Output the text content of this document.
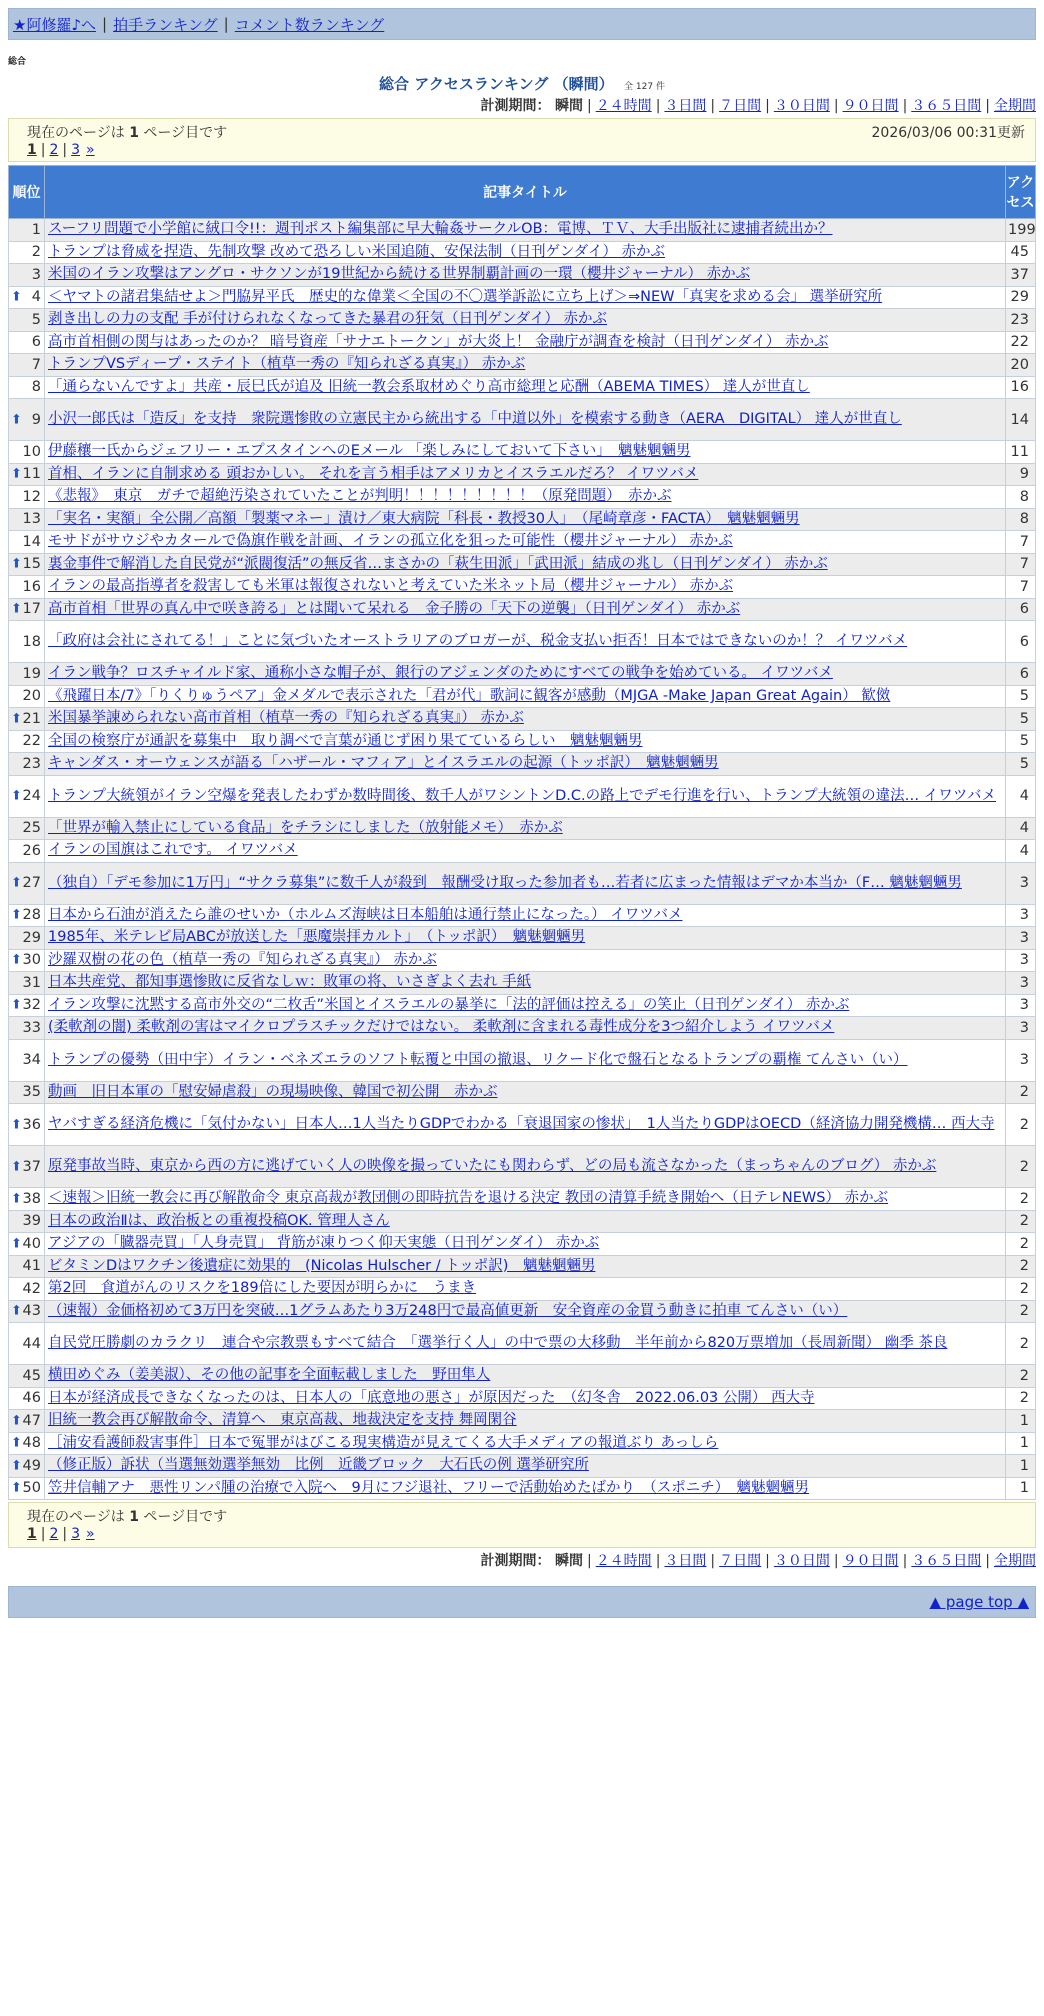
★阿修羅♪へ | 拍手ランキング | コメント数ランキング
総合
総合 アクセスランキング （瞬間） 全 127 件
計測期間： 瞬間 | ２４時間 | ３日間 | ７日間 | ３０日間 | ９０日間 | ３６５日間 | 全期間
現在のページは 1 ページ目です	2026/03/06 00:31更新
1 | 2 | 3 »
順位	記事タイトル	アクセス
1	スーフリ問題で小学館に絨口令!!：週刊ポスト編集部に早大輪姦サークルOB：電博、ＴＶ、大手出版社に逮捕者続出か？	199
2	トランプは脅威を捏造、先制攻撃 改めて恐ろしい米国追随、安保法制（日刊ゲンダイ） 赤かぶ	45
3	米国のイラン攻撃はアングロ・サクソンが19世紀から続ける世界制覇計画の一環（櫻井ジャーナル） 赤かぶ	37

⬆ 4	＜ヤマトの諸君集結せよ＞門脇昇平氏　歴史的な偉業＜全国の不〇選挙訴訟に立ち上げ＞⇒NEW「真実を求める会」 選挙研究所	29
5	剥き出しの力の支配 手が付けられなくなってきた暴君の狂気（日刊ゲンダイ） 赤かぶ	23
6	高市首相側の関与はあったのか？ 暗号資産「サナエトークン」が大炎上！ 金融庁が調査を検討（日刊ゲンダイ） 赤かぶ	22
7	トランプVSディープ・ステイト（植草一秀の『知られざる真実』） 赤かぶ	20
8	「通らないんですよ」共産・辰巳氏が追及 旧統一教会系取材めぐり高市総理と応酬（ABEMA TIMES） 達人が世直し	16

⬆ 9	小沢一郎氏は「造反」を支持　衆院選惨敗の立憲民主から統出する「中道以外」を模索する動き（AERA　DIGITAL） 達人が世直し	14
10	伊藤穰一氏からジェフリー・エプスタインへのEメール 「楽しみにしておいて下さい」　魑魅魍魎男	11

⬆ 11	首相、イランに自制求める 頭おかしい。 それを言う相手はアメリカとイスラエルだろ？ イワツバメ	9
12	《悲報》　東京　ガチで超絶汚染されていたことが判明！！！！！！！！！（原発問題）　赤かぶ	8
13	「実名・実額」全公開／高額「製薬マネー」漬け／東大病院「科長・教授30人」　（尾崎章彦・FACTA）　魑魅魍魎男	8
14	モサドがサウジやカタールで偽旗作戦を計画、イランの孤立化を狙った可能性（櫻井ジャーナル） 赤かぶ	7

⬆ 15	裏金事件で解消した自民党が“派閥復活”の無反省…まさかの「萩生田派」「武田派」結成の兆し（日刊ゲンダイ） 赤かぶ	7
16	イランの最高指導者を殺害しても米軍は報復されないと考えていた米ネット局（櫻井ジャーナル） 赤かぶ	7

⬆ 17	高市首相「世界の真ん中で咲き誇る」とは聞いて呆れる　金子勝の「天下の逆襲」（日刊ゲンダイ） 赤かぶ	6
18	「政府は会社にされてる！」ことに気づいたオーストラリアのブロガーが、税金支払い拒否！日本ではできないのか！？ イワツバメ	6
19	イラン戦争？ロスチャイルド家、通称小さな帽子が、銀行のアジェンダのためにすべての戦争を始めている。 イワツバメ	6
20	《飛躍日本/7》「りくりゅうペア」金メダルで表示された「君が代」歌詞に観客が感動（MJGA -Make Japan Great Again） 歓傚	5

⬆ 21	米国暴挙諌められない高市首相（植草一秀の『知られざる真実』） 赤かぶ	5
22	全国の検察庁が通訳を募集中　取り調べで言葉が通じず困り果てているらしい　魑魅魍魎男	5
23	キャンダス・オーウェンスが語る「ハザール・マフィア」とイスラエルの起源（トッポ訳）　魑魅魍魎男	5

⬆ 24	トランプ大統領がイラン空爆を発表したわずか数時間後、数千人がワシントンD.C.の路上でデモ行進を行い、トランプ大統領の違法… イワツバメ	4
25	「世界が輸入禁止にしている食品」をチラシにしました（放射能メモ）　赤かぶ	4
26	イランの国旗はこれです。 イワツバメ	4

⬆ 27	（独自）「デモ参加に1万円」“サクラ募集”に数千人が殺到　報酬受け取った参加者も…若者に広まった情報はデマか本当か（F… 魑魅魍魎男	3

⬆ 28	日本から石油が消えたら誰のせいか（ホルムズ海峡は日本船舶は通行禁止になった。） イワツバメ	3
29	1985年、米テレビ局ABCが放送した「悪魔崇拝カルト」　（トッポ訳）　魑魅魍魎男	3

⬆ 30	沙羅双樹の花の色（植草一秀の『知られざる真実』） 赤かぶ	3
31	日本共産党、都知事選惨敗に反省なしｗ：敗軍の将、いさぎよく去れ 手紙	3

⬆ 32	イラン攻撃に沈黙する高市外交の“二枚舌”米国とイスラエルの暴挙に「法的評価は控える」の笑止（日刊ゲンダイ） 赤かぶ	3
33	(柔軟剤の闇) 柔軟剤の害はマイクロプラスチックだけではない。 柔軟剤に含まれる毒性成分を3つ紹介しよう イワツバメ	3
34	トランプの優勢（田中宇）イラン・ベネズエラのソフト転覆と中国の撤退、リクード化で盤石となるトランプの覇権 てんさい（い）	3
35	動画　旧日本軍の「慰安婦虐殺」の現場映像、韓国で初公開　赤かぶ	2

⬆ 36	ヤバすぎる経済危機に「気付かない」日本人…1人当たりGDPでわかる「衰退国家の惨状」　1人当たりGDPはOECD（経済協力開発機構… 西大寺	2

⬆ 37	原発事故当時、東京から西の方に逃げていく人の映像を撮っていたにも関わらず、どの局も流さなかった（まっちゃんのブログ） 赤かぶ	2

⬆ 38	＜速報＞旧統一教会に再び解散命令 東京高裁が教団側の即時抗告を退ける決定 教団の清算手続き開始へ（日テレNEWS） 赤かぶ	2
39	日本の政治Ⅱは、政治板との重複投稿OK. 管理人さん	2

⬆ 40	アジアの「臓器売買」「人身売買」 背筋が凍りつく仰天実態（日刊ゲンダイ） 赤かぶ	2
41	ビタミンDはワクチン後遺症に効果的　(Nicolas Hulscher / トッポ訳)　魑魅魍魎男	2
42	第2回　食道がんのリスクを189倍にした要因が明らかに　うまき	2

⬆ 43	（速報）金価格初めて3万円を突破…1グラムあたり3万248円で最高値更新　安全資産の金買う動きに拍車 てんさい（い）	2
44	自民党圧勝劇のカラクリ　連合や宗教票もすべて結合　「選挙行く人」の中で票の大移動　半年前から820万票増加（長周新聞） 幽季 茶良	2
45	横田めぐみ（姜美淑）、その他の記事を全面転載しました　野田隼人	2
46	日本が経済成長できなくなったのは、日本人の「底意地の悪さ」が原因だった　（幻冬舎　2022.06.03 公開） 西大寺	2

⬆ 47	旧統一教会再び解散命令、清算へ　東京高裁、地裁決定を支持 舞岡閑谷	1

⬆ 48	［浦安看護師殺害事件］日本で冤罪がはびこる現実構造が見えてくる大手メディアの報道ぶり あっしら	1

⬆ 49	（修正版）訴状（当選無効選挙無効　比例　近畿ブロック　大石氏の例 選挙研究所	1

⬆ 50	笠井信輔アナ　悪性リンパ腫の治療で入院へ　9月にフジ退社、フリーで活動始めたばかり　（スポニチ）　魑魅魍魎男	1
現在のページは 1 ページ目です
1 | 2 | 3 »
計測期間： 瞬間 | ２４時間 | ３日間 | ７日間 | ３０日間 | ９０日間 | ３６５日間 | 全期間
▲ page top ▲
